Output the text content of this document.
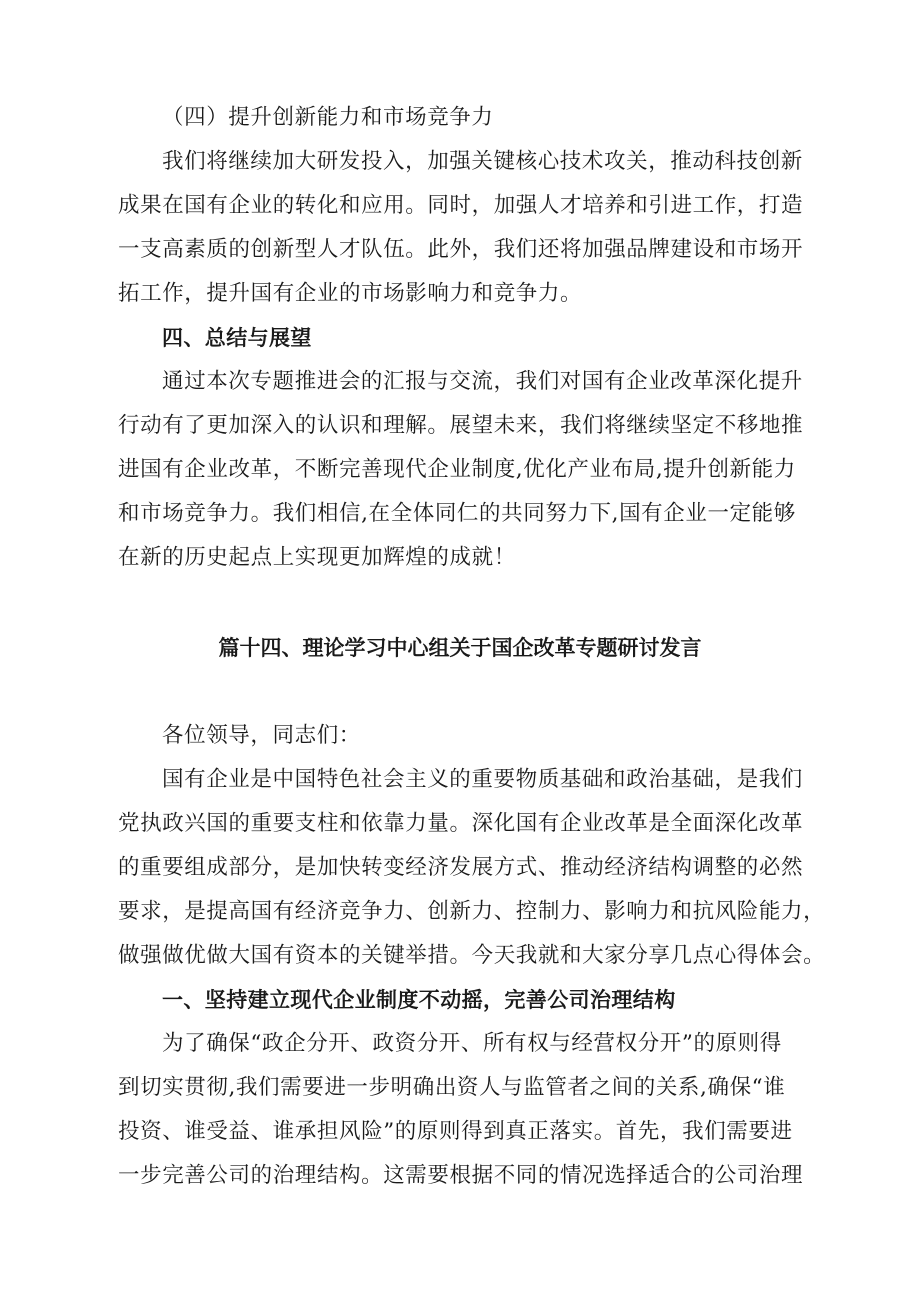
（四）提升创新能力和市场竞争力
我们将继续加大研发投入，加强关键核心技术攻关，推动科技创新
成果在国有企业的转化和应用。同时，加强人才培养和引进工作，打造
一支高素质的创新型人才队伍。此外，我们还将加强品牌建设和市场开
拓工作，提升国有企业的市场影响力和竞争力。
四、总结与展望
通过本次专题推进会的汇报与交流，我们对国有企业改革深化提升
行动有了更加深入的认识和理解。展望未来，我们将继续坚定不移地推
进国有企业改革，不断完善现代企业制度,优化产业布局,提升创新能力
和市场竞争力。我们相信,在全体同仁的共同努力下,国有企业一定能够
在新的历史起点上实现更加辉煌的成就！
篇十四、理论学习中心组关于国企改革专题研讨发言
各位领导，同志们：
国有企业是中国特色社会主义的重要物质基础和政治基础，是我们
党执政兴国的重要支柱和依靠力量。深化国有企业改革是全面深化改革
的重要组成部分，是加快转变经济发展方式、推动经济结构调整的必然
要求，是提高国有经济竞争力、创新力、控制力、影响力和抗风险能力，
做强做优做大国有资本的关键举措。今天我就和大家分享几点心得体会。
一、坚持建立现代企业制度不动摇，完善公司治理结构
为了确保“政企分开、政资分开、所有权与经营权分开”的原则得
到切实贯彻,我们需要进一步明确出资人与监管者之间的关系,确保“谁
投资、谁受益、谁承担风险”的原则得到真正落实。首先，我们需要进
一步完善公司的治理结构。这需要根据不同的情况选择适合的公司治理
